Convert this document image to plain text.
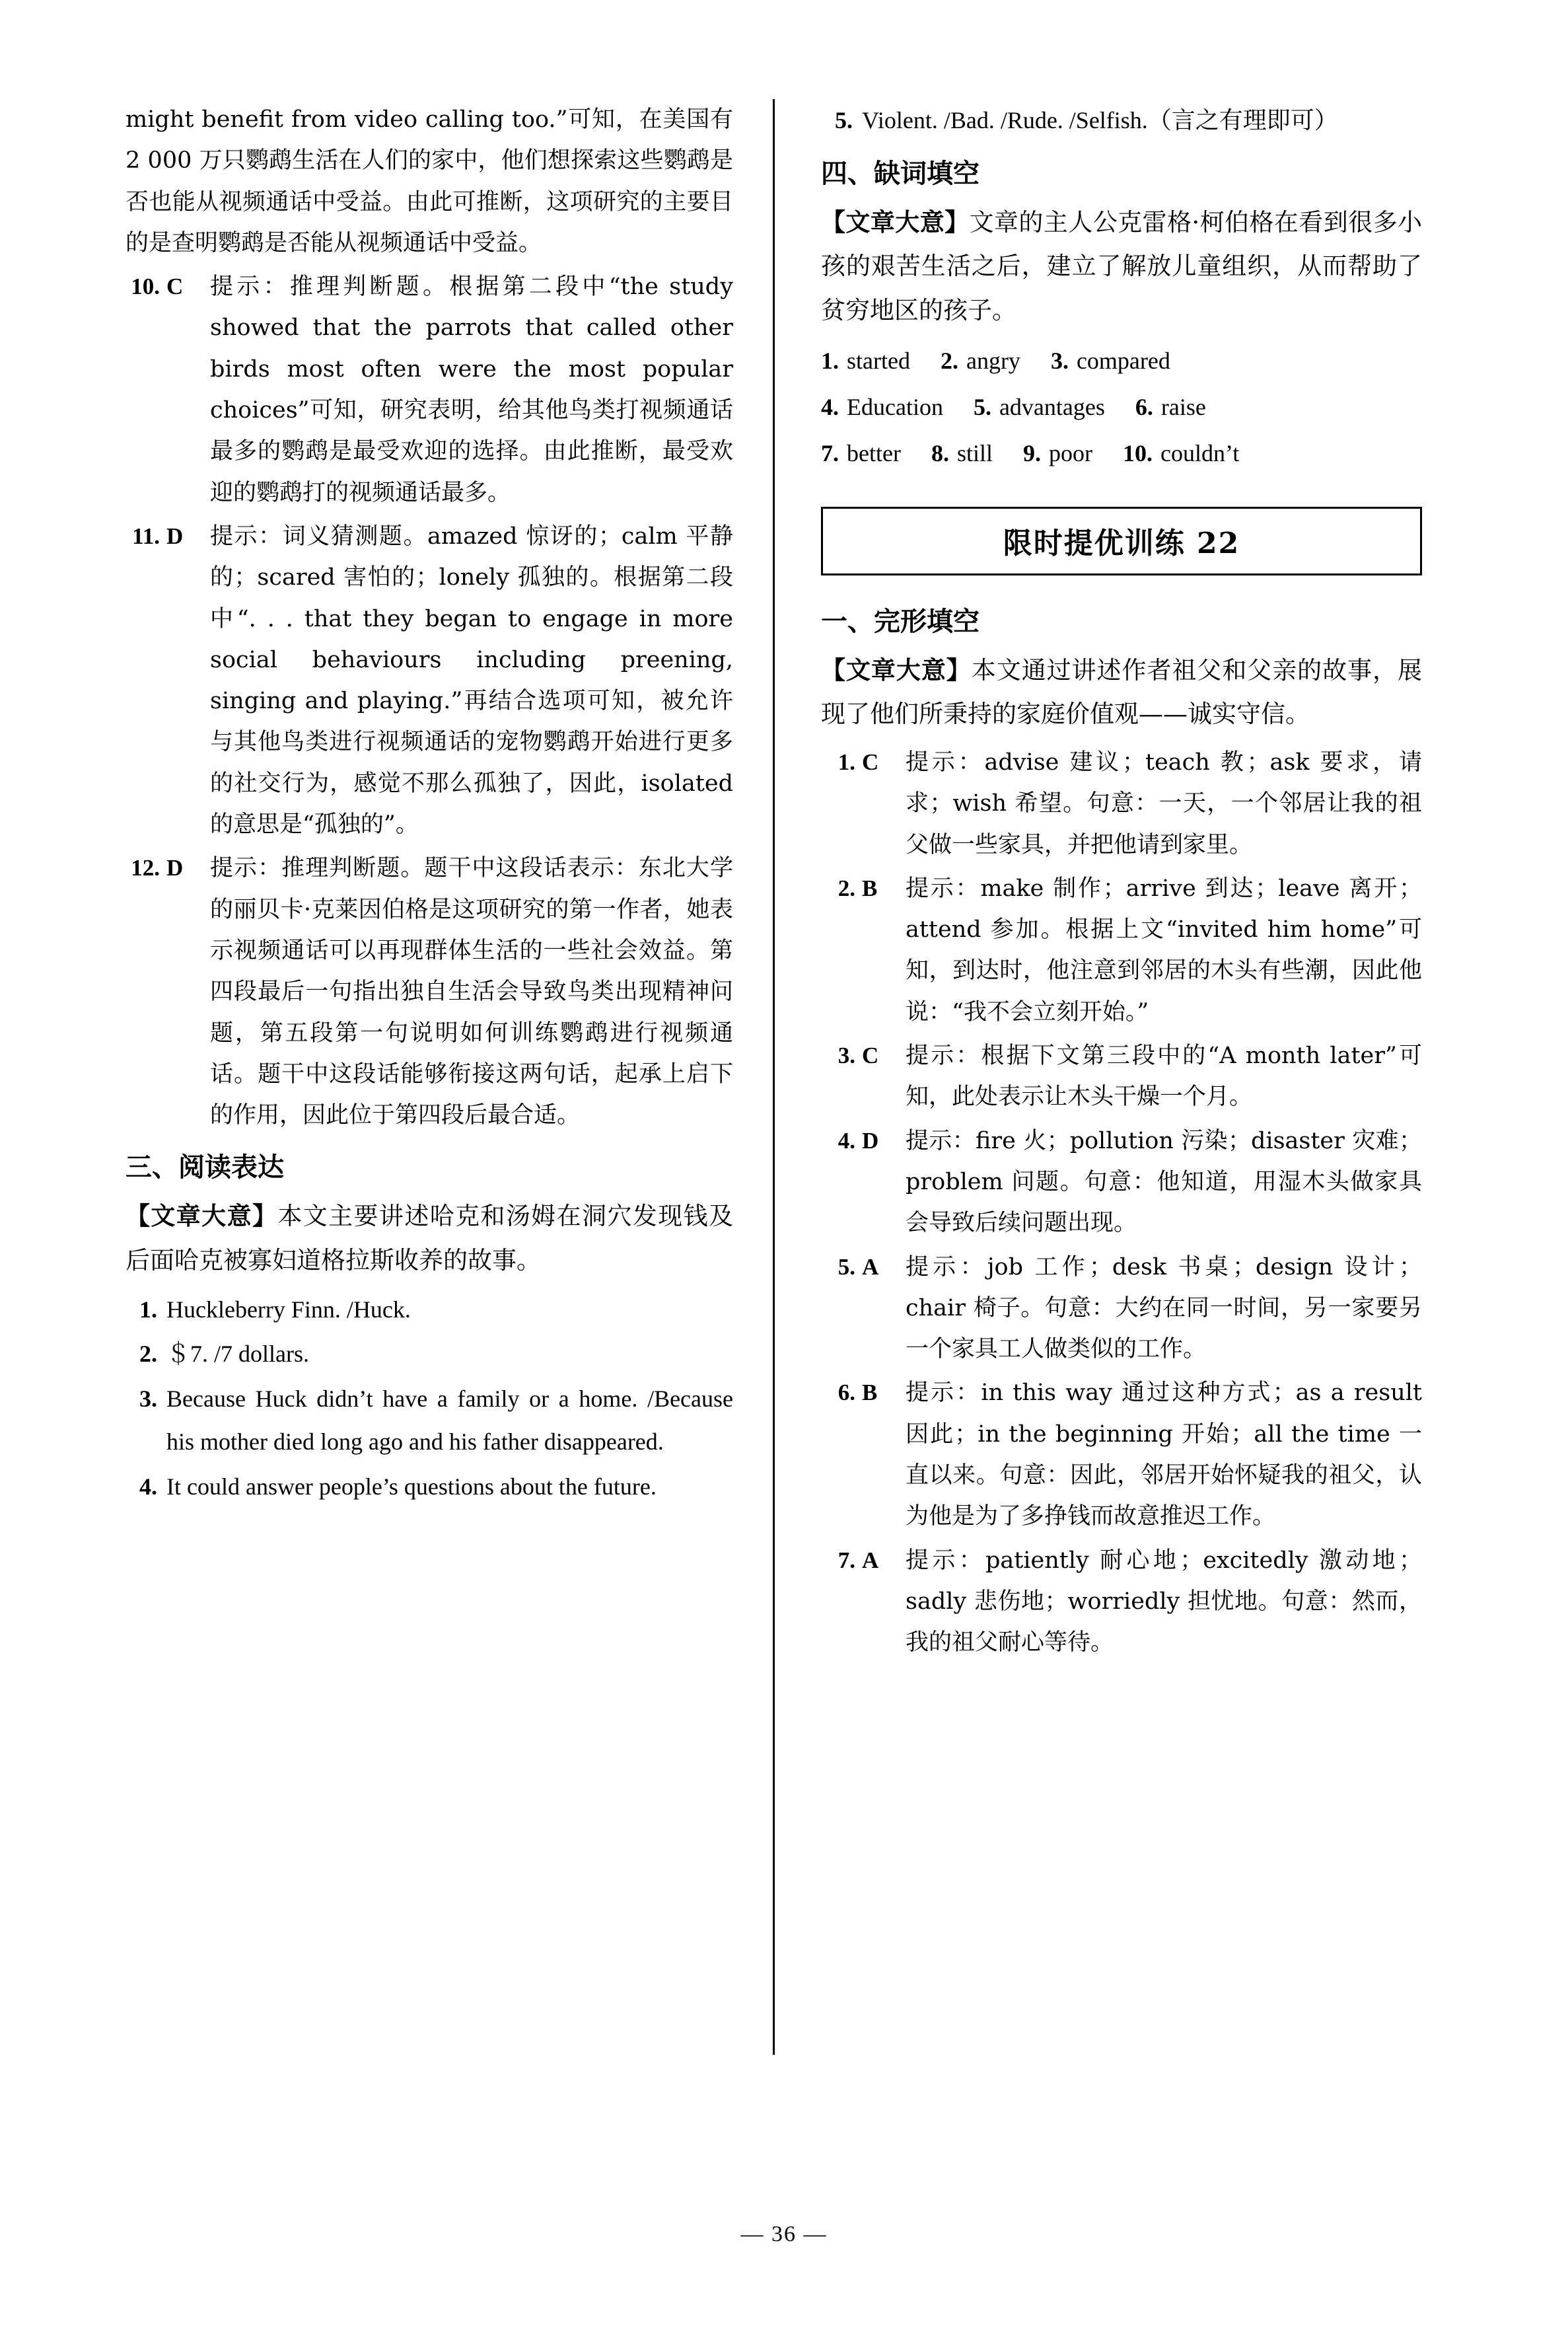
might benefit from video calling too.”可知，在美国有 2 000 万只鹦鹉生活在人们的家中，他们想探索这些鹦鹉是否也能从视频通话中受益。由此可推断，这项研究的主要目的是查明鹦鹉是否能从视频通话中受益。
10. C	提示：推理判断题。根据第二段中“the study showed that the parrots that called other birds most often were the most popular choices”可知，研究表明，给其他鸟类打视频通话最多的鹦鹉是最受欢迎的选择。由此推断，最受欢迎的鹦鹉打的视频通话最多。
11. D	提示：词义猜测题。amazed 惊讶的；calm 平静的；scared 害怕的；lonely 孤独的。根据第二段中“. . . that they began to engage in more social behaviours including preening, singing and playing.”再结合选项可知，被允许与其他鸟类进行视频通话的宠物鹦鹉开始进行更多的社交行为，感觉不那么孤独了，因此，isolated 的意思是“孤独的”。
12. D	提示：推理判断题。题干中这段话表示：东北大学的丽贝卡·克莱因伯格是这项研究的第一作者，她表示视频通话可以再现群体生活的一些社会效益。第四段最后一句指出独自生活会导致鸟类出现精神问题，第五段第一句说明如何训练鹦鹉进行视频通话。题干中这段话能够衔接这两句话，起承上启下的作用，因此位于第四段后最合适。
三、阅读表达
【文章大意】本文主要讲述哈克和汤姆在洞穴发现钱及后面哈克被寡妇道格拉斯收养的故事。
1. Huckleberry Finn. /Huck.
2. ＄7. /7 dollars.
3. Because Huck didn’t have a family or a home. /Because his mother died long ago and his father disappeared.
4. It could answer people’s questions about the future.
5. Violent. /Bad. /Rude. /Selfish.（言之有理即可）
四、缺词填空
【文章大意】文章的主人公克雷格·柯伯格在看到很多小孩的艰苦生活之后，建立了解放儿童组织，从而帮助了贫穷地区的孩子。
1. started 2. angry 3. compared
4. Education 5. advantages 6. raise
7. better 8. still 9. poor 10. couldn’t
限时提优训练 22
一、完形填空
【文章大意】本文通过讲述作者祖父和父亲的故事，展现了他们所秉持的家庭价值观——诚实守信。
1. C	提示：advise 建议；teach 教；ask 要求，请求；wish 希望。句意：一天，一个邻居让我的祖父做一些家具，并把他请到家里。
2. B	提示：make 制作；arrive 到达；leave 离开；attend 参加。根据上文“invited him home”可知，到达时，他注意到邻居的木头有些潮，因此他说：“我不会立刻开始。”
3. C	提示：根据下文第三段中的“A month later”可知，此处表示让木头干燥一个月。
4. D	提示：fire 火；pollution 污染；disaster 灾难；problem 问题。句意：他知道，用湿木头做家具会导致后续问题出现。
5. A	提示：job 工作；desk 书桌；design 设计；chair 椅子。句意：大约在同一时间，另一家要另一个家具工人做类似的工作。
6. B	提示：in this way 通过这种方式；as a result 因此；in the beginning 开始；all the time 一直以来。句意：因此，邻居开始怀疑我的祖父，认为他是为了多挣钱而故意推迟工作。
7. A	提示：patiently 耐心地；excitedly 激动地；sadly 悲伤地；worriedly 担忧地。句意：然而，我的祖父耐心等待。
— 36 —
